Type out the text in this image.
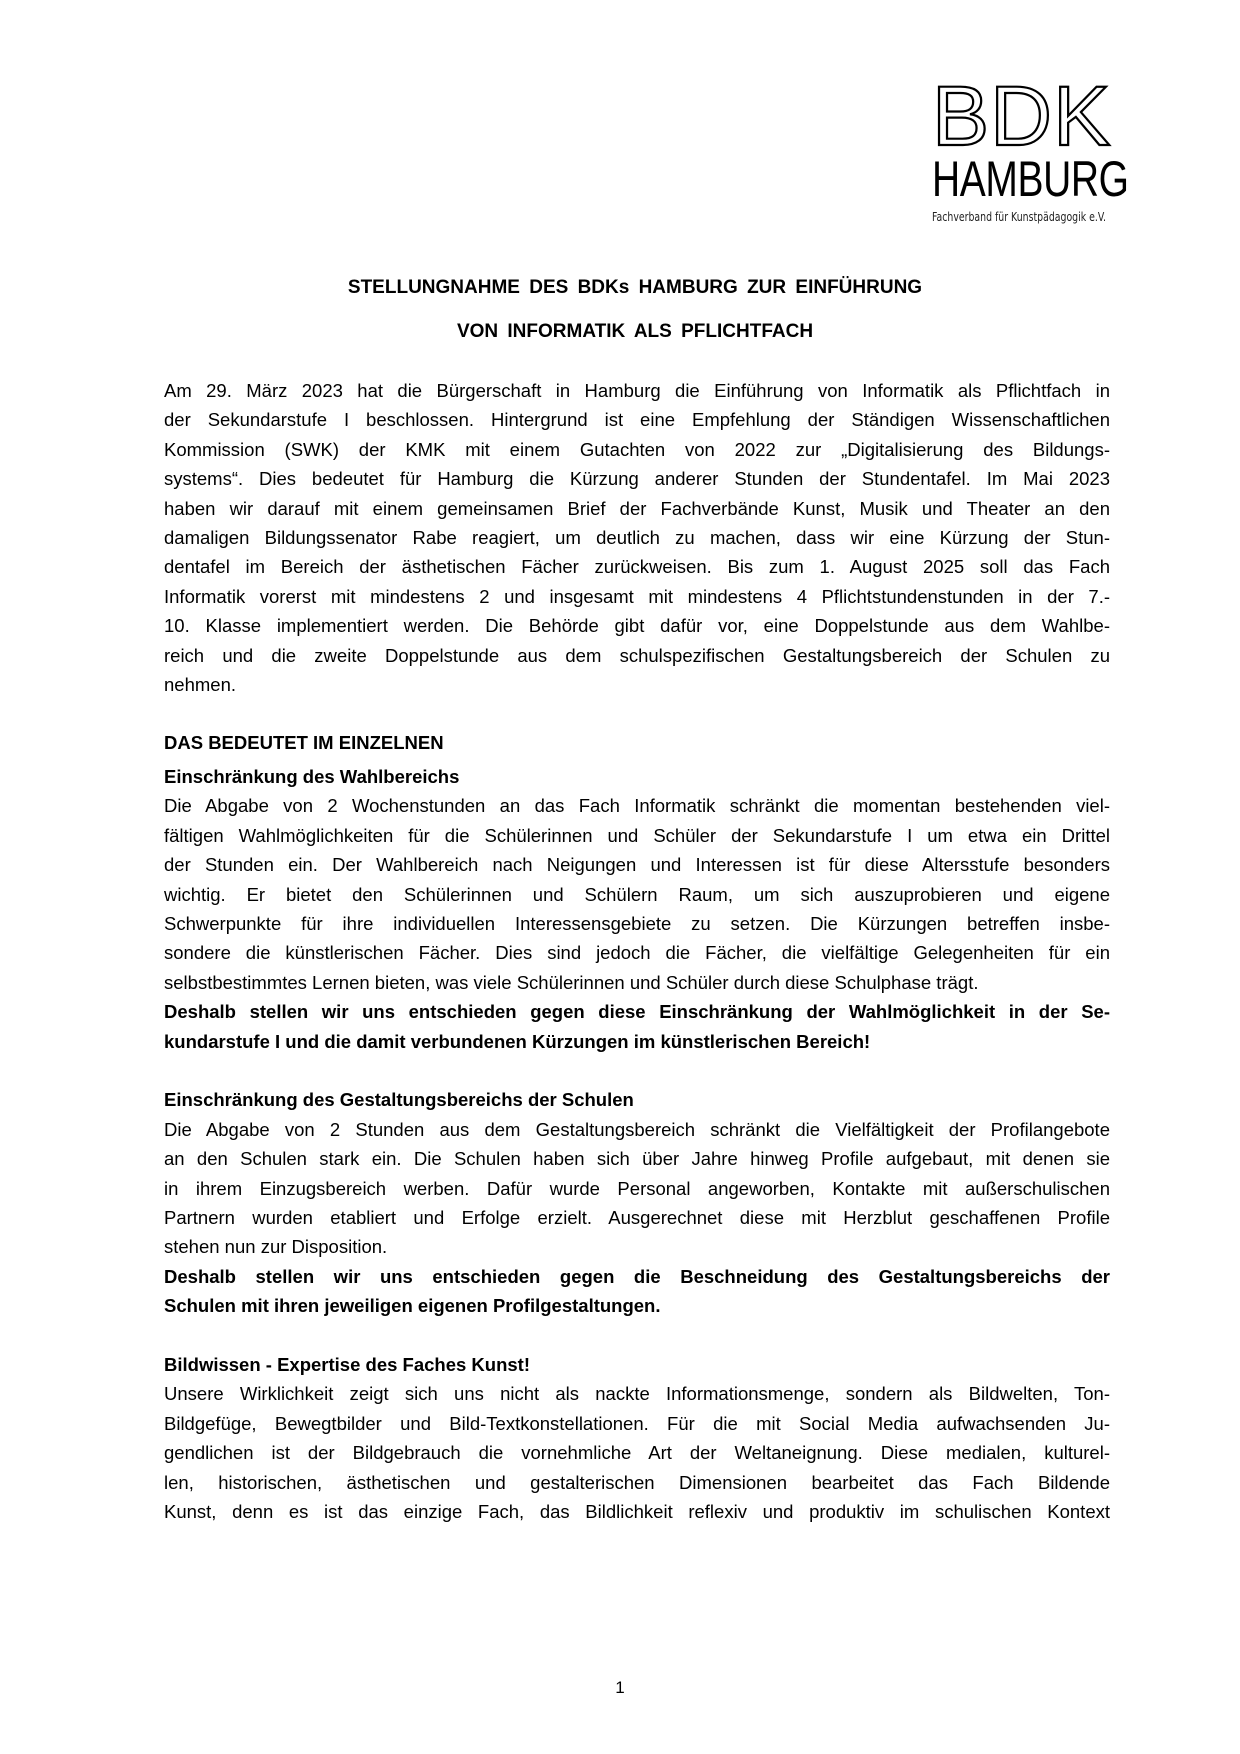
BDK
HAMBURG
Fachverband für Kunstpädagogik e.V.
STELLUNGNAHME DES BDKs HAMBURG ZUR EINFÜHRUNG
VON INFORMATIK ALS PFLICHTFACH
Am 29. März 2023 hat die Bürgerschaft in Hamburg die Einführung von Informatik als Pflichtfach in
der Sekundarstufe I beschlossen. Hintergrund ist eine Empfehlung der Ständigen Wissenschaftlichen
Kommission (SWK) der KMK mit einem Gutachten von 2022 zur „Digitalisierung des Bildungs-
systems“. Dies bedeutet für Hamburg die Kürzung anderer Stunden der Stundentafel. Im Mai 2023
haben wir darauf mit einem gemeinsamen Brief der Fachverbände Kunst, Musik und Theater an den
damaligen Bildungssenator Rabe reagiert, um deutlich zu machen, dass wir eine Kürzung der Stun-
dentafel im Bereich der ästhetischen Fächer zurückweisen. Bis zum 1. August 2025 soll das Fach
Informatik vorerst mit mindestens 2 und insgesamt mit mindestens 4 Pflichtstundenstunden in der 7.-
10. Klasse implementiert werden. Die Behörde gibt dafür vor, eine Doppelstunde aus dem Wahlbe-
reich und die zweite Doppelstunde aus dem schulspezifischen Gestaltungsbereich der Schulen zu
nehmen.
DAS BEDEUTET IM EINZELNEN
Einschränkung des Wahlbereichs
Die Abgabe von 2 Wochenstunden an das Fach Informatik schränkt die momentan bestehenden viel-
fältigen Wahlmöglichkeiten für die Schülerinnen und Schüler der Sekundarstufe I um etwa ein Drittel
der Stunden ein. Der Wahlbereich nach Neigungen und Interessen ist für diese Altersstufe besonders
wichtig. Er bietet den Schülerinnen und Schülern Raum, um sich auszuprobieren und eigene
Schwerpunkte für ihre individuellen Interessensgebiete zu setzen. Die Kürzungen betreffen insbe-
sondere die künstlerischen Fächer. Dies sind jedoch die Fächer, die vielfältige Gelegenheiten für ein
selbstbestimmtes Lernen bieten, was viele Schülerinnen und Schüler durch diese Schulphase trägt.
Deshalb stellen wir uns entschieden gegen diese Einschränkung der Wahlmöglichkeit in der Se-
kundarstufe I und die damit verbundenen Kürzungen im künstlerischen Bereich!
Einschränkung des Gestaltungsbereichs der Schulen
Die Abgabe von 2 Stunden aus dem Gestaltungsbereich schränkt die Vielfältigkeit der Profilangebote
an den Schulen stark ein. Die Schulen haben sich über Jahre hinweg Profile aufgebaut, mit denen sie
in ihrem Einzugsbereich werben. Dafür wurde Personal angeworben, Kontakte mit außerschulischen
Partnern wurden etabliert und Erfolge erzielt. Ausgerechnet diese mit Herzblut geschaffenen Profile
stehen nun zur Disposition.
Deshalb stellen wir uns entschieden gegen die Beschneidung des Gestaltungsbereichs der
Schulen mit ihren jeweiligen eigenen Profilgestaltungen.
Bildwissen - Expertise des Faches Kunst!
Unsere Wirklichkeit zeigt sich uns nicht als nackte Informationsmenge, sondern als Bildwelten, Ton-
Bildgefüge, Bewegtbilder und Bild-Textkonstellationen. Für die mit Social Media aufwachsenden Ju-
gendlichen ist der Bildgebrauch die vornehmliche Art der Weltaneignung. Diese medialen, kulturel-
len, historischen, ästhetischen und gestalterischen Dimensionen bearbeitet das Fach Bildende
Kunst, denn es ist das einzige Fach, das Bildlichkeit reflexiv und produktiv im schulischen Kontext
1
